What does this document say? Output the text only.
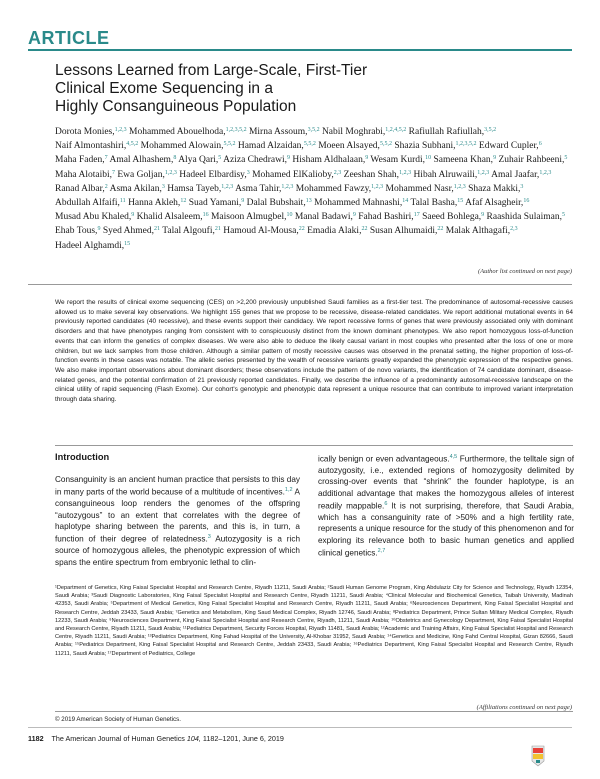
ARTICLE
Lessons Learned from Large-Scale, First-Tier
Clinical Exome Sequencing in a
Highly Consanguineous Population
Dorota Monies,$^{1,2,3}$ Mohammed Abouelhoda,$^{1,2,3,5,2}$ Mirna Assoum,$^{3,5,2}$ Nabil Moghrabi,$^{1,2,4,5,2}$ Rafiullah Rafiullah,$^{3,5,2}$ Naif Almontashiri,$^{4,5,2}$ Mohammed Alowain,$^{5,5,2}$ Hamad Alzaidan,$^{5,5,2}$ Moeen Alsayed,$^{5,5,2}$ Shazia Subhani,$^{1,2,3,5,2}$ Edward Cupler,$^6$ Maha Faden,$^7$ Amal Alhashem,$^8$ Alya Qari,$^5$ Aziza Chedrawi,$^9$ Hisham Aldhalaan,$^9$ Wesam Kurdi,$^{10}$ Sameena Khan,$^9$ Zuhair Rahbeeni,$^5$ Maha Alotaibi,$^7$ Ewa Goljan,$^{1,2,3}$ Hadeel Elbardisy,$^3$ Mohamed ElKalioby,$^{2,3}$ Zeeshan Shah,$^{1,2,3}$ Hibah Alruwaili,$^{1,2,3}$ Amal Jaafar,$^{1,2,3}$ Ranad Albar,$^2$ Asma Akilan,$^3$ Hamsa Tayeb,$^{1,2,3}$ Asma Tahir,$^{1,2,3}$ Mohammed Fawzy,$^{1,2,3}$ Mohammed Nasr,$^{1,2,3}$ Shaza Makki,$^3$ Abdullah Alfaifi,$^{11}$ Hanna Akleh,$^{12}$ Suad Yamani,$^9$ Dalal Bubshait,$^{13}$ Mohammed Mahnashi,$^{14}$ Talal Basha,$^{15}$ Afaf Alsagheir,$^{16}$ Musad Abu Khaled,$^9$ Khalid Alsaleem,$^{16}$ Maisoon Almugbel,$^{10}$ Manal Badawi,$^9$ Fahad Bashiri,$^{17}$ Saeed Bohlega,$^9$ Raashida Sulaiman,$^5$ Ehab Tous,$^9$ Syed Ahmed,$^{21}$ Talal Algoufi,$^{21}$ Hamoud Al-Mousa,$^{22}$ Emadia Alaki,$^{22}$ Susan Alhumaidi,$^{22}$ Malak Althagafi,$^{2,3}$ Hadeel Alghamdi,$^{15}$
(Author list continued on next page)
We report the results of clinical exome sequencing (CES) on >2,200 previously unpublished Saudi families as a first-tier test. The predominance of autosomal-recessive causes allowed us to make several key observations. We highlight 155 genes that we propose to be recessive, disease-related candidates. We report additional mutational events in 64 previously reported candidates (40 recessive), and these events support their candidacy. We report recessive forms of genes that were previously associated only with dominant disorders and that have phenotypes ranging from consistent with to conspicuously distinct from the known dominant phenotypes. We also report homozygous loss-of-function events that can inform the genetics of complex diseases. We were also able to deduce the likely causal variant in most couples who presented after the loss of one or more children, but we lack samples from those children. Although a similar pattern of mostly recessive causes was observed in the prenatal setting, the higher proportion of loss-of-function events in these cases was notable. The allelic series presented by the wealth of recessive variants greatly expanded the phenotypic expression of the respective genes. We also make important observations about dominant disorders; these observations include the pattern of de novo variants, the identification of 74 candidate dominant, disease-related genes, and the potential confirmation of 21 previously reported candidates. Finally, we describe the influence of a predominantly autosomal-recessive landscape on the clinical utility of rapid sequencing (Flash Exome). Our cohort's genotypic and phenotypic data represent a unique resource that can contribute to improved variant interpretation through data sharing.
Introduction
Consanguinity is an ancient human practice that persists to this day in many parts of the world because of a multitude of incentives.$^{1,2}$ A consanguineous loop renders the genomes of the offspring “autozygous” to an extent that correlates with the degree of haplotype sharing between the parents, and this is, in turn, a function of their degree of relatedness.$^3$ Autozygosity is a rich source of homozygous alleles, the phenotypic expression of which spans the entire spectrum from embryonic lethal to clin-
ically benign or even advantageous.$^{4,5}$ Furthermore, the telltale sign of autozygosity, i.e., extended regions of homozygosity delimited by crossing-over events that “shrink” the founder haplotype, is an additional advantage that makes the homozygous alleles of interest readily mappable.$^6$ It is not surprising, therefore, that Saudi Arabia, which has a consanguinity rate of >50% and a high fertility rate, represents a unique resource for the study of this phenomenon and for exploring its relevance both to basic human genetics and applied clinical genetics.$^{2,7}$
¹Department of Genetics, King Faisal Specialist Hospital and Research Centre, Riyadh 11211, Saudi Arabia; ²Saudi Human Genome Program, King Abdulaziz City for Science and Technology, Riyadh 12354, Saudi Arabia; ³Saudi Diagnostic Laboratories, King Faisal Specialist Hospital and Research Centre, Riyadh 11211, Saudi Arabia; ⁴Clinical Molecular and Biochemical Genetics, Taibah University, Madinah 42353, Saudi Arabia; ⁵Department of Medical Genetics, King Faisal Specialist Hospital and Research Centre, Riyadh 11211, Saudi Arabia; ⁶Neurosciences Department, King Faisal Specialist Hospital and Research Centre, Jeddah 23433, Saudi Arabia; ⁷Genetics and Metabolism, King Saud Medical Complex, Riyadh 12746, Saudi Arabia; ⁸Pediatrics Department, Prince Sultan Military Medical Complex, Riyadh 12233, Saudi Arabia; ⁹Neurosciences Department, King Faisal Specialist Hospital and Research Centre, Riyadh, 11211, Saudi Arabia; ¹⁰Obstetrics and Gynecology Department, King Faisal Specialist Hospital and Research Centre, Riyadh 11211, Saudi Arabia; ¹¹Pediatrics Department, Security Forces Hospital, Riyadh 11481, Saudi Arabia; ¹²Academic and Training Affairs, King Faisal Specialist Hospital and Research Centre, Riyadh 11211, Saudi Arabia; ¹³Pediatrics Department, King Fahad Hospital of the University, Al-Khobar 31952, Saudi Arabia; ¹⁴Genetics and Medicine, King Fahd Central Hospital, Gizan 82666, Saudi Arabia; ¹⁵Pediatrics Department, King Faisal Specialist Hospital and Research Centre, Jeddah 23433, Saudi Arabia; ¹⁶Pediatrics Department, King Faisal Specialist Hospital and Research Centre, Riyadh 11211, Saudi Arabia; ¹⁷Department of Pediatrics, College
(Affiliations continued on next page)
© 2019 American Society of Human Genetics.
1182 The American Journal of Human Genetics 104, 1182–1201, June 6, 2019
